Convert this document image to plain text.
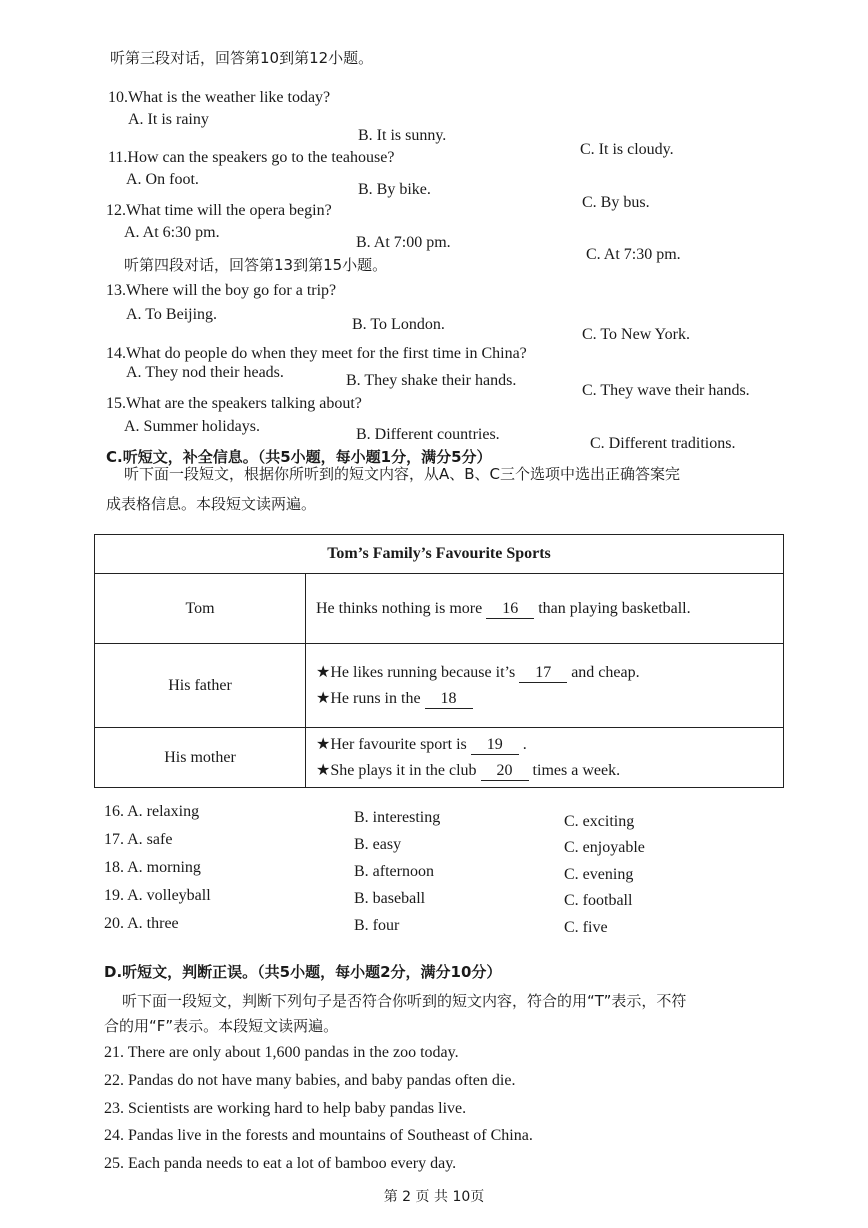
听第三段对话，回答第10到第12小题。
10.What is the weather like today?
A. It is rainy
B. It is sunny.
C. It is cloudy.
11.How can the speakers go to the teahouse?
A. On foot.
B. By bike.
C. By bus.
12.What time will the opera begin?
A. At 6:30 pm.
B. At 7:00 pm.
C. At 7:30 pm.
听第四段对话，回答第13到第15小题。
13.Where will the boy go for a trip?
A. To Beijing.
B. To London.
C. To New York.
14.What do people do when they meet for the first time in China?
A. They nod their heads.	B. They shake their hands.
C. They wave their hands.
15.What are the speakers talking about?
A. Summer holidays.	B. Different countries.
C. Different traditions.
C.听短文，补全信息。（共5小题，每小题1分，满分5分）
听下面一段短文，根据你所听到的短文内容，从A、B、C三个选项中选出正确答案完
成表格信息。本段短文读两遍。
Tom’s Family’s Favourite Sports	
Tom	He thinks nothing is more 16 than playing basketball.

His father	★He likes running because it’s 17 and cheap.
★He runs in the 18

His mother	★Her favourite sport is 19 .
★She plays it in the club 20 times a week.
16. A. relaxing	B. interesting	C. exciting
17. A. safe	B. easy	C. enjoyable
18. A. morning	B. afternoon	C. evening
19. A. volleyball	B. baseball	C. football
20. A. three	B. four	C. five
D.听短文，判断正误。（共5小题，每小题2分，满分10分）
听下面一段短文，判断下列句子是否符合你听到的短文内容，符合的用“T”表示，不符
合的用“F”表示。本段短文读两遍。
21. There are only about 1,600 pandas in the zoo today.
22. Pandas do not have many babies, and baby pandas often die.
23. Scientists are working hard to help baby pandas live.
24. Pandas live in the forests and mountains of Southeast of China.
25. Each panda needs to eat a lot of bamboo every day.
第 2 页 共 10页
